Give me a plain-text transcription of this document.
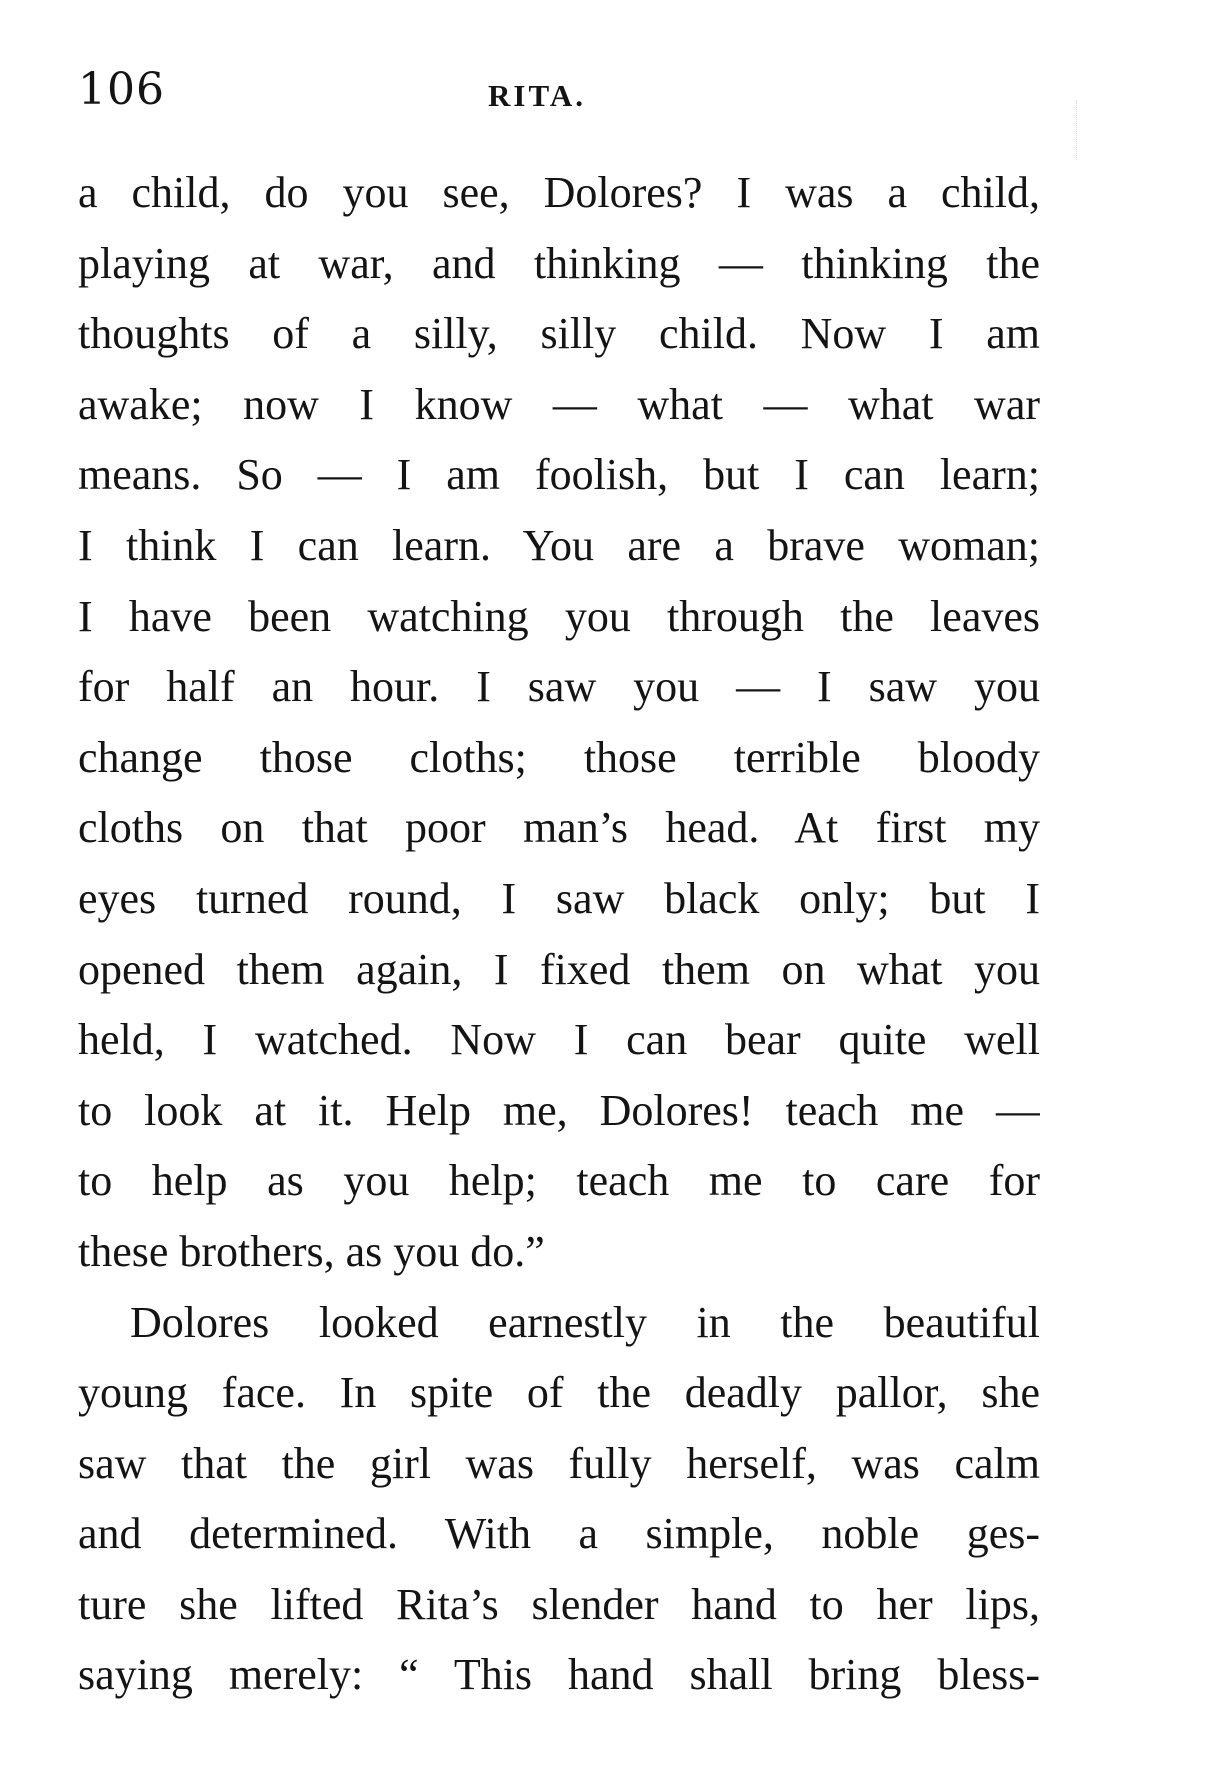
106	RITA.
a child, do you see, Dolores? I was a child,
playing at war, and thinking — thinking the
thoughts of a silly, silly child. Now I am
awake; now I know — what — what war
means. So — I am foolish, but I can learn;
I think I can learn. You are a brave woman;
I have been watching you through the leaves
for half an hour. I saw you — I saw you
change those cloths; those terrible bloody
cloths on that poor man’s head. At first my
eyes turned round, I saw black only; but I
opened them again, I fixed them on what you
held, I watched. Now I can bear quite well
to look at it. Help me, Dolores! teach me —
to help as you help; teach me to care for
these brothers, as you do.”
Dolores looked earnestly in the beautiful
young face. In spite of the deadly pallor, she
saw that the girl was fully herself, was calm
and determined. With a simple, noble ges-
ture she lifted Rita’s slender hand to her lips,
saying merely: “ This hand shall bring bless-
